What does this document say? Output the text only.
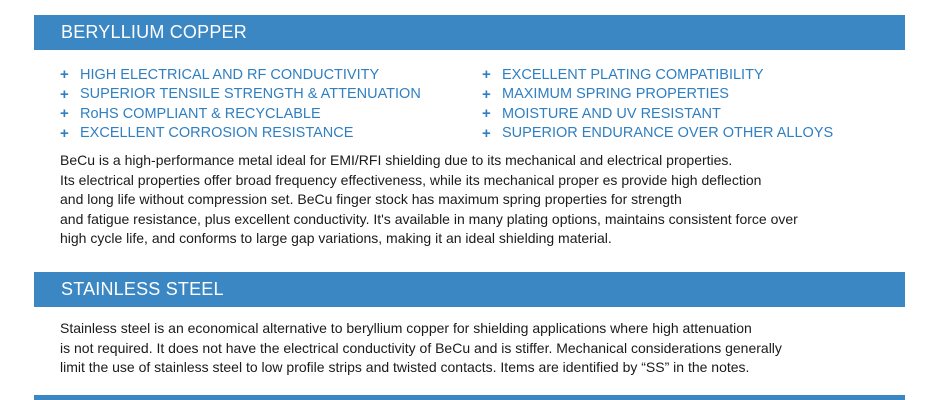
BERYLLIUM COPPER
+ HIGH ELECTRICAL AND RF CONDUCTIVITY
+ SUPERIOR TENSILE STRENGTH & ATTENUATION
+ RoHS COMPLIANT & RECYCLABLE
+ EXCELLENT CORROSION RESISTANCE
+ EXCELLENT PLATING COMPATIBILITY
+ MAXIMUM SPRING PROPERTIES
+ MOISTURE AND UV RESISTANT
+ SUPERIOR ENDURANCE OVER OTHER ALLOYS

BeCu is a high-performance metal ideal for EMI/RFI shielding due to its mechanical and electrical properties.
Its electrical properties offer broad frequency effectiveness, while its mechanical proper es provide high deflection
and long life without compression set. BeCu finger stock has maximum spring properties for strength
and fatigue resistance, plus excellent conductivity. It's available in many plating options, maintains consistent force over
high cycle life, and conforms to large gap variations, making it an ideal shielding material.

STAINLESS STEEL

Stainless steel is an economical alternative to beryllium copper for shielding applications where high attenuation
is not required. It does not have the electrical conductivity of BeCu and is stiffer. Mechanical considerations generally
limit the use of stainless steel to low profile strips and twisted contacts. Items are identified by “SS” in the notes.
